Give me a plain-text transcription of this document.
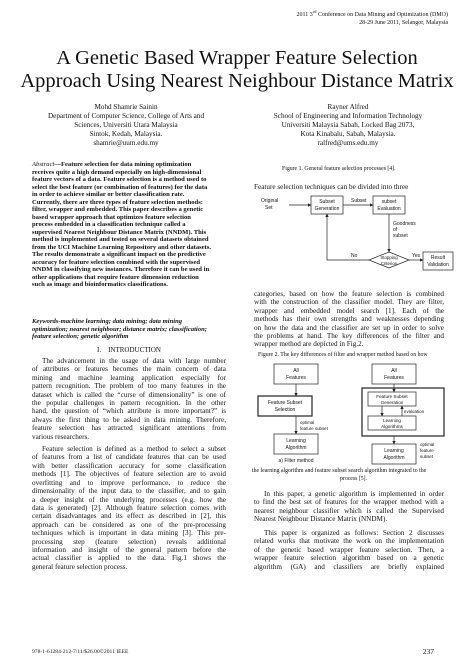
2011 3rd Conference on Data Mining and Optimization (DMO)
28-29 June 2011, Selangor, Malaysia
A Genetic Based Wrapper Feature Selection
Approach Using Nearest Neighbour Distance Matrix
Mohd Shamrie Sainin
Department of Computer Science, College of Arts and
Sciences, Universiti Utara Malaysia
Sintok, Kedah, Malaysia.
shamrie@uum.edu.my
Rayner Alfred
School of Engineering and Information Technology
Universiti Malaysia Sabah, Locked Bag 2073,
Kota Kinabalu, Sabah, Malaysia.
ralfred@ums.edu.my
Abstract—Feature selection for data mining optimization
receives quite a high demand especially on high-dimensional
feature vectors of a data. Feature selection is a method used to
select the best feature (or combination of features) for the data
in order to achieve similar or better classification rate.
Currently, there are three types of feature selection methods:
filter, wrapper and embedded. This paper describes a genetic
based wrapper approach that optimizes feature selection
process embedded in a classification technique called a
supervised Nearest Neighbour Distance Matrix (NNDM). This
method is implemented and tested on several datasets obtained
from the UCI Machine Learning Repository and other datasets.
The results demonstrate a significant impact on the predictive
accuracy for feature selection combined with the supervised
NNDM in classifying new instances. Therefore it can be used in
other applications that require feature dimension reduction
such as image and bioinformatics classifications.
Keywords-machine learning; data mining; data mining
optimization; nearest neighbour; distance matrix; classification;
feature selection; genetic algorithm
I. INTRODUCTION
The advancement in the usage of data with large number
of attributes or features becomes the main concern of data
mining and machine learning application especially for
pattern recognition. The problem of too many features in the
dataset which is called the “curse of dimensionality” is one of
the popular challenges in pattern recognition. In the other
hand, the question of “which attribute is more important?” is
always the first thing to be asked in data mining. Therefore,
feature selection has attracted significant attentions from
various researchers.
Feature selection is defined as a method to select a subset
of features from a list of candidate features that can be used
with better classification accuracy for some classification
methods [1]. The objectives of feature selection are to avoid
overfitting and to improve performance, to reduce the
dimensionality of the input data to the classifier, and to gain
a deeper insight of the underlying processes (e.g. how the
data is generated) [2]. Although feature selection comes with
certain disadvantages and its effect as described in [2], this
approach can be considered as one of the pre-processing
techniques which is important in data mining [3]. This pre-
processing step (feature selection) reveals additional
information and insight of the general pattern before the
actual classifier is applied to the data. Fig.1 shows the
general feature selection process.
Figure 1. General feature selection processes [4].
Feature selection techniques can be divided into three
Original
Set
Subset
Generation
Subset	subset
Evaluation
Goodness
of
subset
Stopping
Criterion
Yes
No	Result
Validation
categories, based on how the feature selection is combined
with the construction of the classifier model. They are filter,
wrapper and embedded model search [1]. Each of the
methods has their own strengths and weaknesses depending
on how the data and the classifier are set up in order to solve
the problems at hand. The key differences of the filter and
wrapper method are depicted in Fig.2.
Figure 2. The key differences of filter and wrapper method based on how
All
Features
Feature Subset
Selection
optimal
feature subset
Learning
Algorithm
a) Filter method
All
Features
Feature Subset
Generation
evaluation
Learning
Algorithms
optimal
feature
subset
Learning
Algorithm
the learning algorithm and feature subset search algorithm integrated to the
process [5].
In this paper, a genetic algorithm is implemented in order
to find the best set of features for the wrapper method with a
nearest neighbour classifier which is called the Supervised
Nearest Neighbour Distance Matrix (NNDM).
This paper is organized as follows: Section 2 discusses
related works that motivate the work on the implementation
of the genetic based wrapper feature selection. Then, a
wrapper feature selection algorithm based on a genetic
algorithm (GA) and classifiers are briefly explained
978-1-61284-212-7/11/$26.00©2011 IEEE	237
